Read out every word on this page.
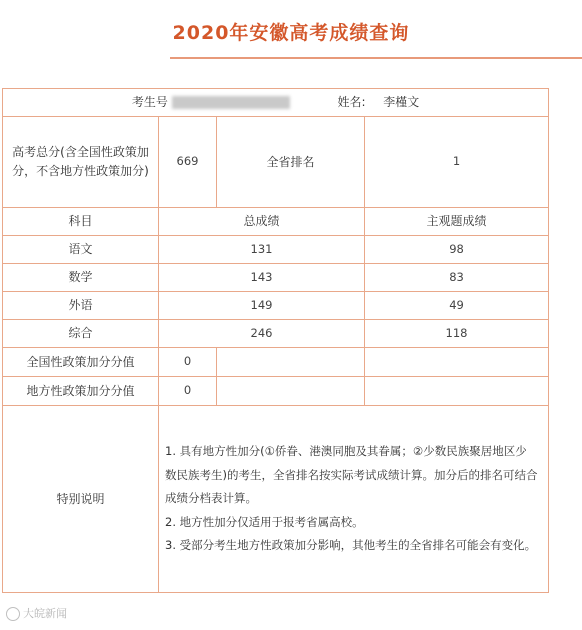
2020年安徽高考成绩查询
考生号 姓名: 李槿文			
高考总分(含全国性政策加分，不含地方性政策加分)	669	全省排名	1
科目	总成绩		主观题成绩
语文	131		98
数学	143		83
外语	149		49
综合	246		118
全国性政策加分分值	0		
地方性政策加分分值	0		
特别说明	1. 具有地方性加分(①侨眷、港澳同胞及其眷属；②少数民族聚居地区少数民族考生)的考生，全省排名按实际考试成绩计算。加分后的排名可结合成绩分档表计算。

2. 地方性加分仅适用于报考省属高校。

3. 受部分考生地方性政策加分影响，其他考生的全省排名可能会有变化。		

大皖新闻
